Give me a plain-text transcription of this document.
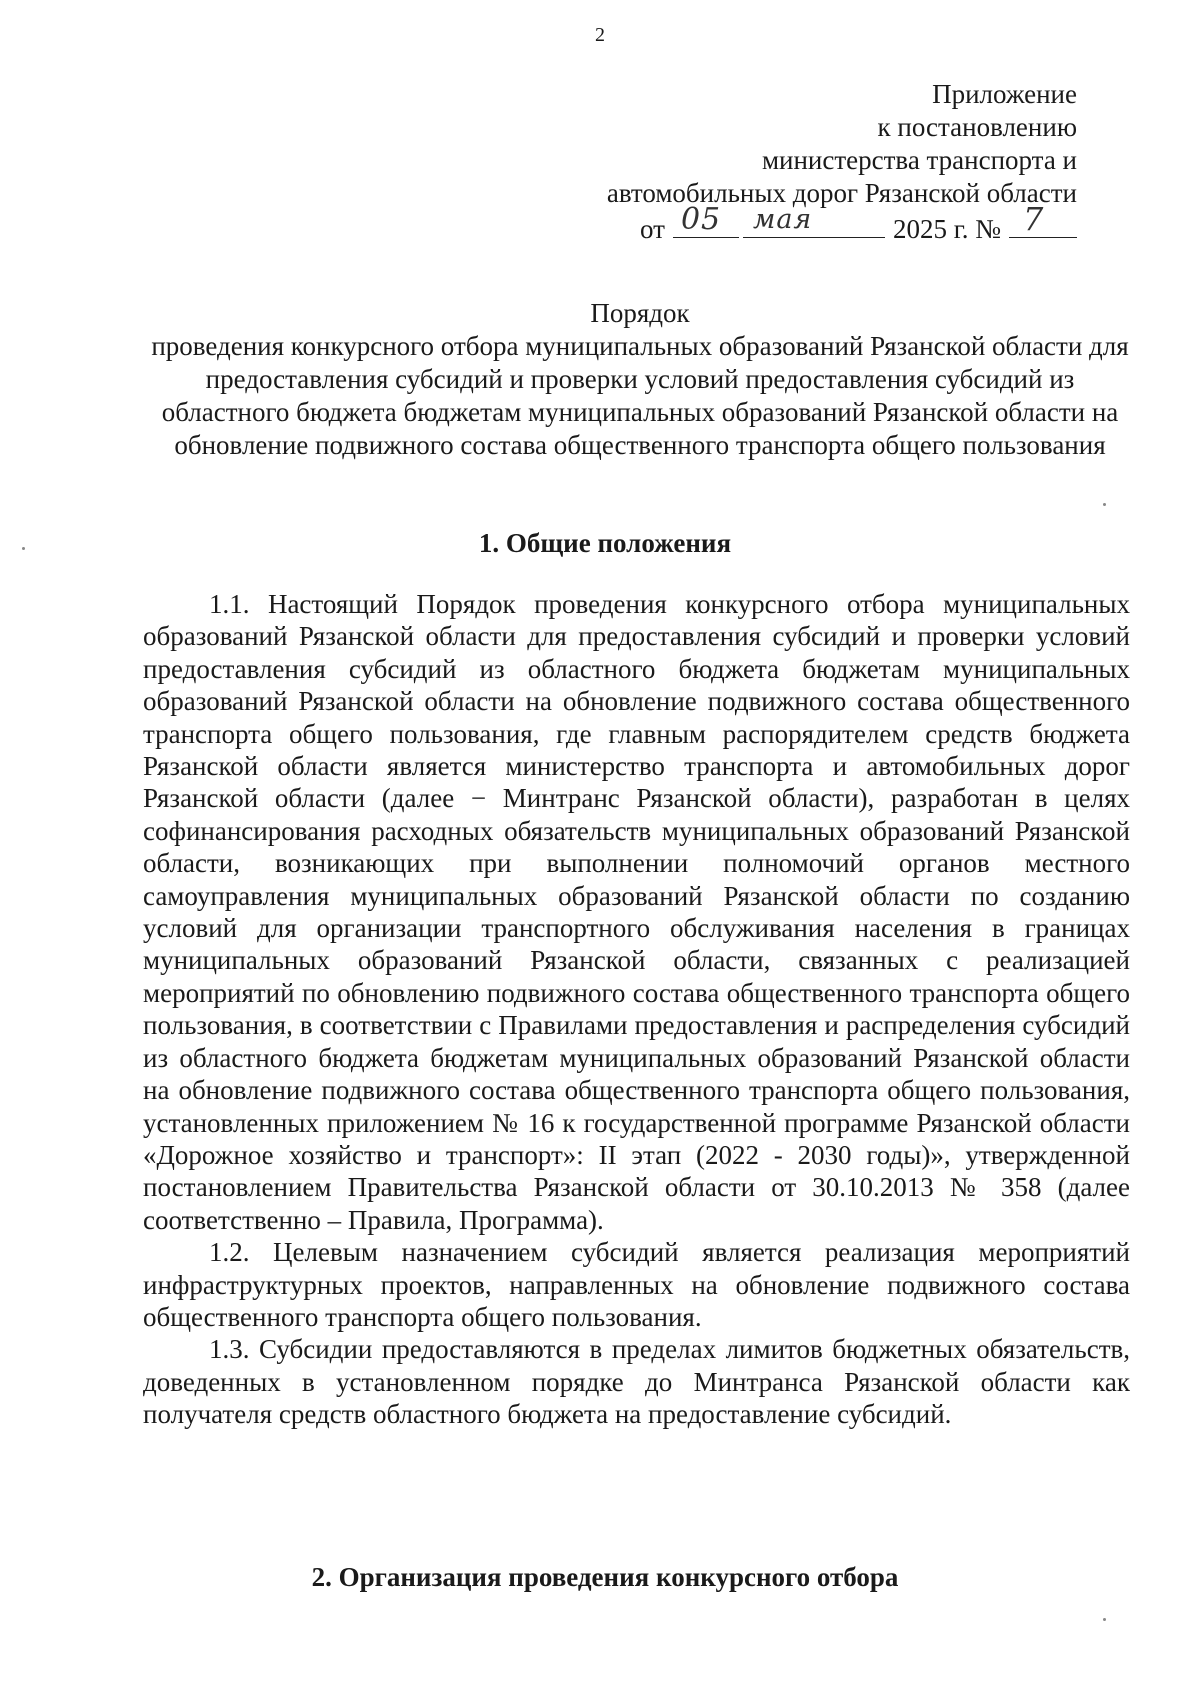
2
Приложение
к постановлению
министерства транспорта и
автомобильных дорог Рязанской области
от 05 мая	2025 г. № 7
Порядок
проведения конкурсного отбора муниципальных образований Рязанской области для предоставления субсидий и проверки условий предоставления субсидий из областного бюджета бюджетам муниципальных образований Рязанской области на обновление подвижного состава общественного транспорта общего пользования
1. Общие положения

1.1. Настоящий Порядок проведения конкурсного отбора муниципальных образований Рязанской области для предоставления субсидий и проверки условий предоставления субсидий из областного бюджета бюджетам муниципальных образований Рязанской области на обновление подвижного состава общественного транспорта общего пользования, где главным распорядителем средств бюджета Рязанской области является министерство транспорта и автомобильных дорог Рязанской области (далее − Минтранс Рязанской области), разработан в целях софинансирования расходных обязательств муниципальных образований Рязанской области, возникающих при выполнении полномочий органов местного самоуправления муниципальных образований Рязанской области по созданию условий для организации транспортного обслуживания населения в границах муниципальных образований Рязанской области, связанных с реализацией мероприятий по обновлению подвижного состава общественного транспорта общего пользования, в соответствии с Правилами предоставления и распределения субсидий из областного бюджета бюджетам муниципальных образований Рязанской области на обновление подвижного состава общественного транспорта общего пользования, установленных приложением № 16 к государственной программе Рязанской области «Дорожное хозяйство и транспорт»: II этап (2022 - 2030 годы)», утвержденной постановлением Правительства Рязанской области от 30.10.2013 № 358 (далее соответственно – Правила, Программа).

1.2. Целевым назначением субсидий является реализация мероприятий инфраструктурных проектов, направленных на обновление подвижного состава общественного транспорта общего пользования.

1.3. Субсидии предоставляются в пределах лимитов бюджетных обязательств, доведенных в установленном порядке до Минтранса Рязанской области как получателя средств областного бюджета на предоставление субсидий.

2. Организация проведения конкурсного отбора
